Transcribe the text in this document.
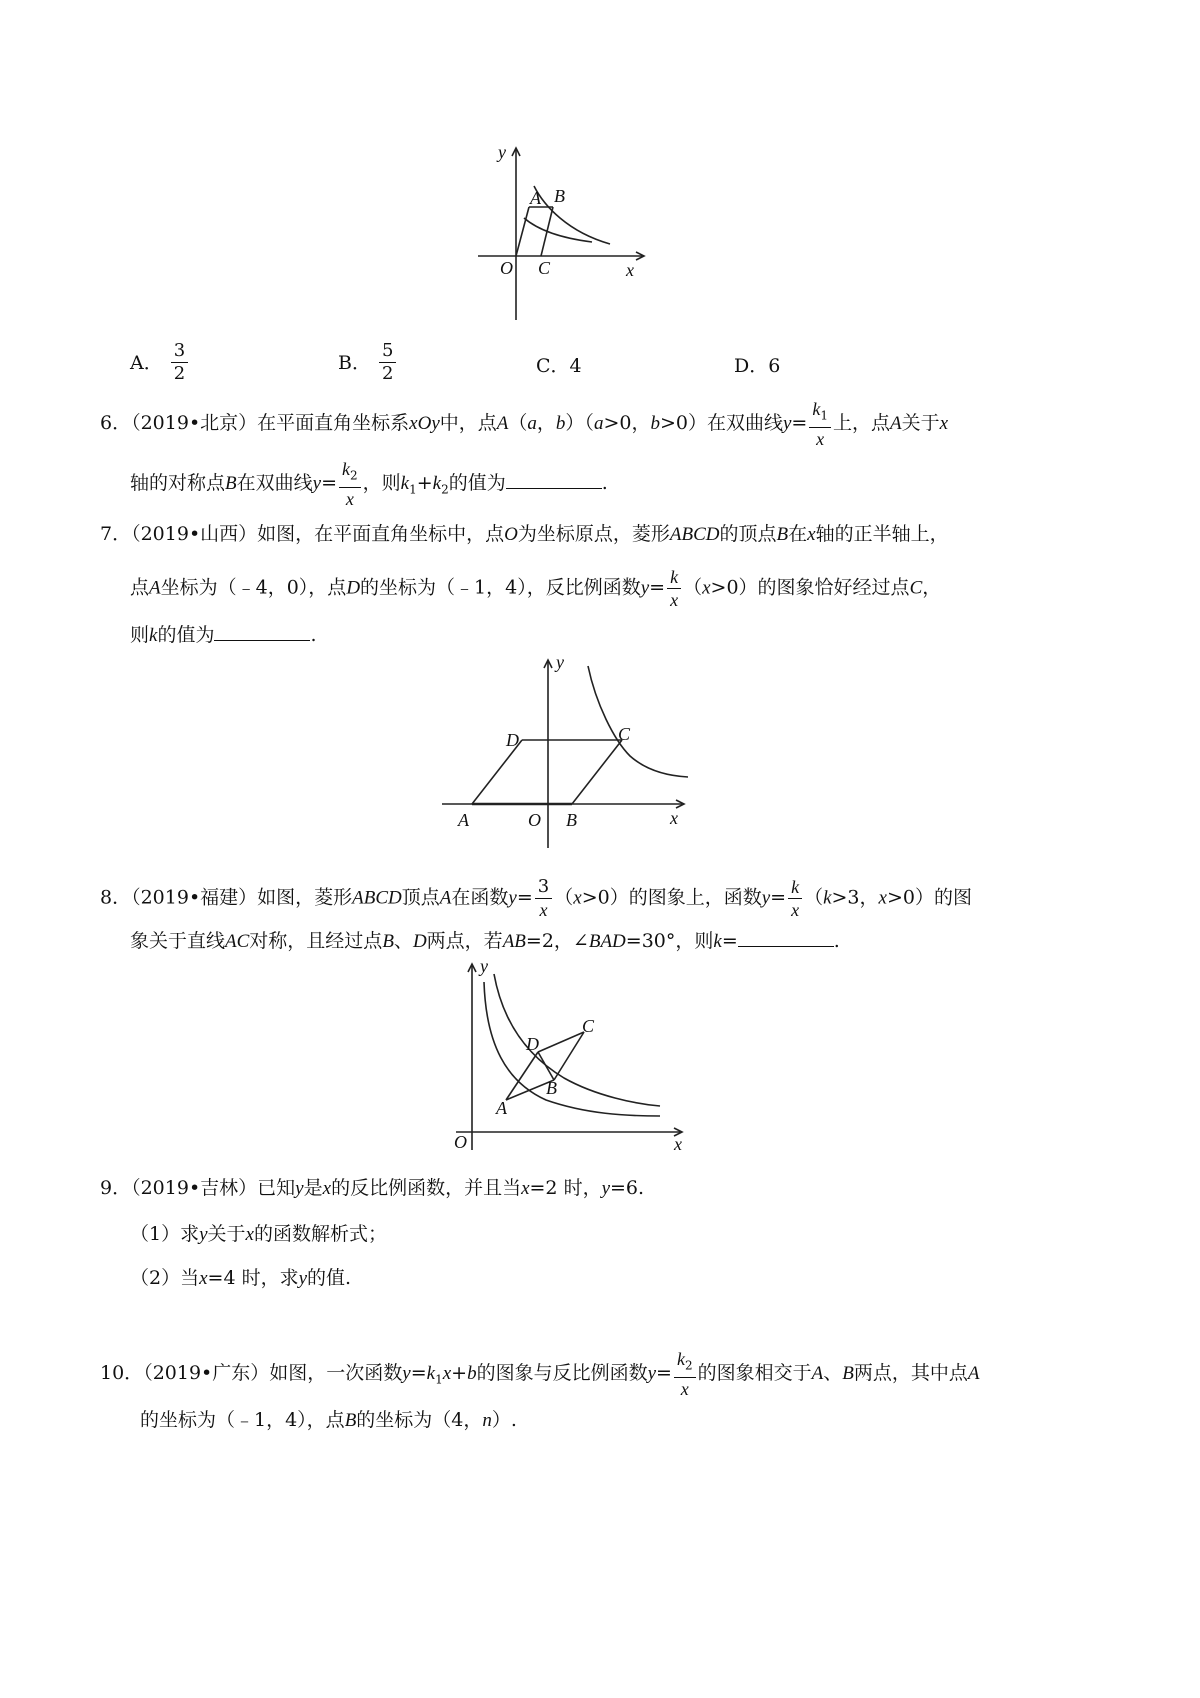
y
A B
O C	x
A． $\frac{3}{2}$	B． $\frac{5}{2}$	C．4	D．6
6．（2019•北京）在平面直角坐标系xOy中，点A（a，b）（a>0，b>0）在双曲线$y= \frac{k_1}{x}$ 上，点A关于x
轴的对称点B在双曲线$y= \frac{k_2}{x}$ ，则$k_1+k_2$的值为	.
7．（2019•山西）如图，在平面直角坐标中，点O为坐标原点，菱形ABCD的顶点B在x轴的正半轴上，
点A坐标为（﹣4，0），点D的坐标为（﹣1，4），反比例函数$y= \frac{k}{x} (x>0)$的图象恰好经过点C，
则k的值为	.
y
D	C
A	O B	x
8．（2019•福建）如图，菱形ABCD顶点A在函数$y= \frac{3}{x} (x>0)$的图象上，函数$y= \frac{k}{x} (k>3$，x>0）的图
象关于直线AC对称，且经过点B、D两点，若AB=2，∠BAD=30°，则k=	.
y
C
D
B
A
O	x
9．（2019•吉林）已知y是x的反比例函数，并且当x=2 时，y=6.
（1）求y关于x的函数解析式；
（2）当x=4 时，求y的值.
10．（2019•广东）如图，一次函数$y=k_1x+b$的图象与反比例函数$y= \frac{k_2}{x}$ 的图象相交于A、B两点，其中点A
的坐标为（﹣1，4），点B的坐标为（4，n）.
